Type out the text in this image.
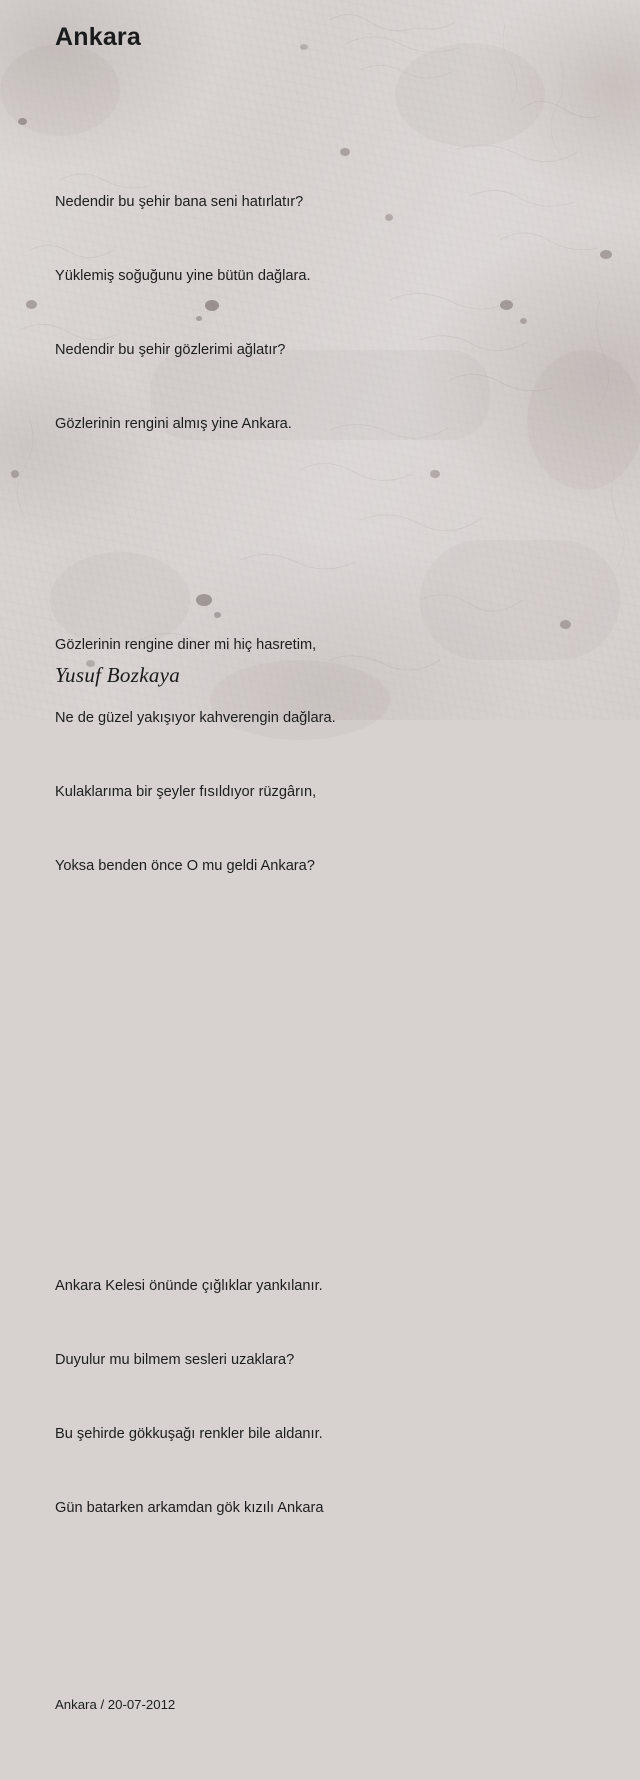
Ankara

Nedendir bu şehir bana seni hatırlatır?

Yüklemiş soğuğunu yine bütün dağlara.

Nedendir bu şehir gözlerimi ağlatır?

Gözlerinin rengini almış yine Ankara.

Gözlerinin rengine diner mi hiç hasretim,

Ne de güzel yakışıyor kahverengin dağlara.

Kulaklarıma bir şeyler fısıldıyor rüzgârın,

Yoksa benden önce O mu geldi Ankara?

Ankara Kelesi önünde çığlıklar yankılanır.

Duyulur mu bilmem sesleri uzaklara?

Bu şehirde gökkuşağı renkler bile aldanır.

Gün batarken arkamdan gök kızılı Ankara

Ankara / 20-07-2012

Yusuf Bozkaya
